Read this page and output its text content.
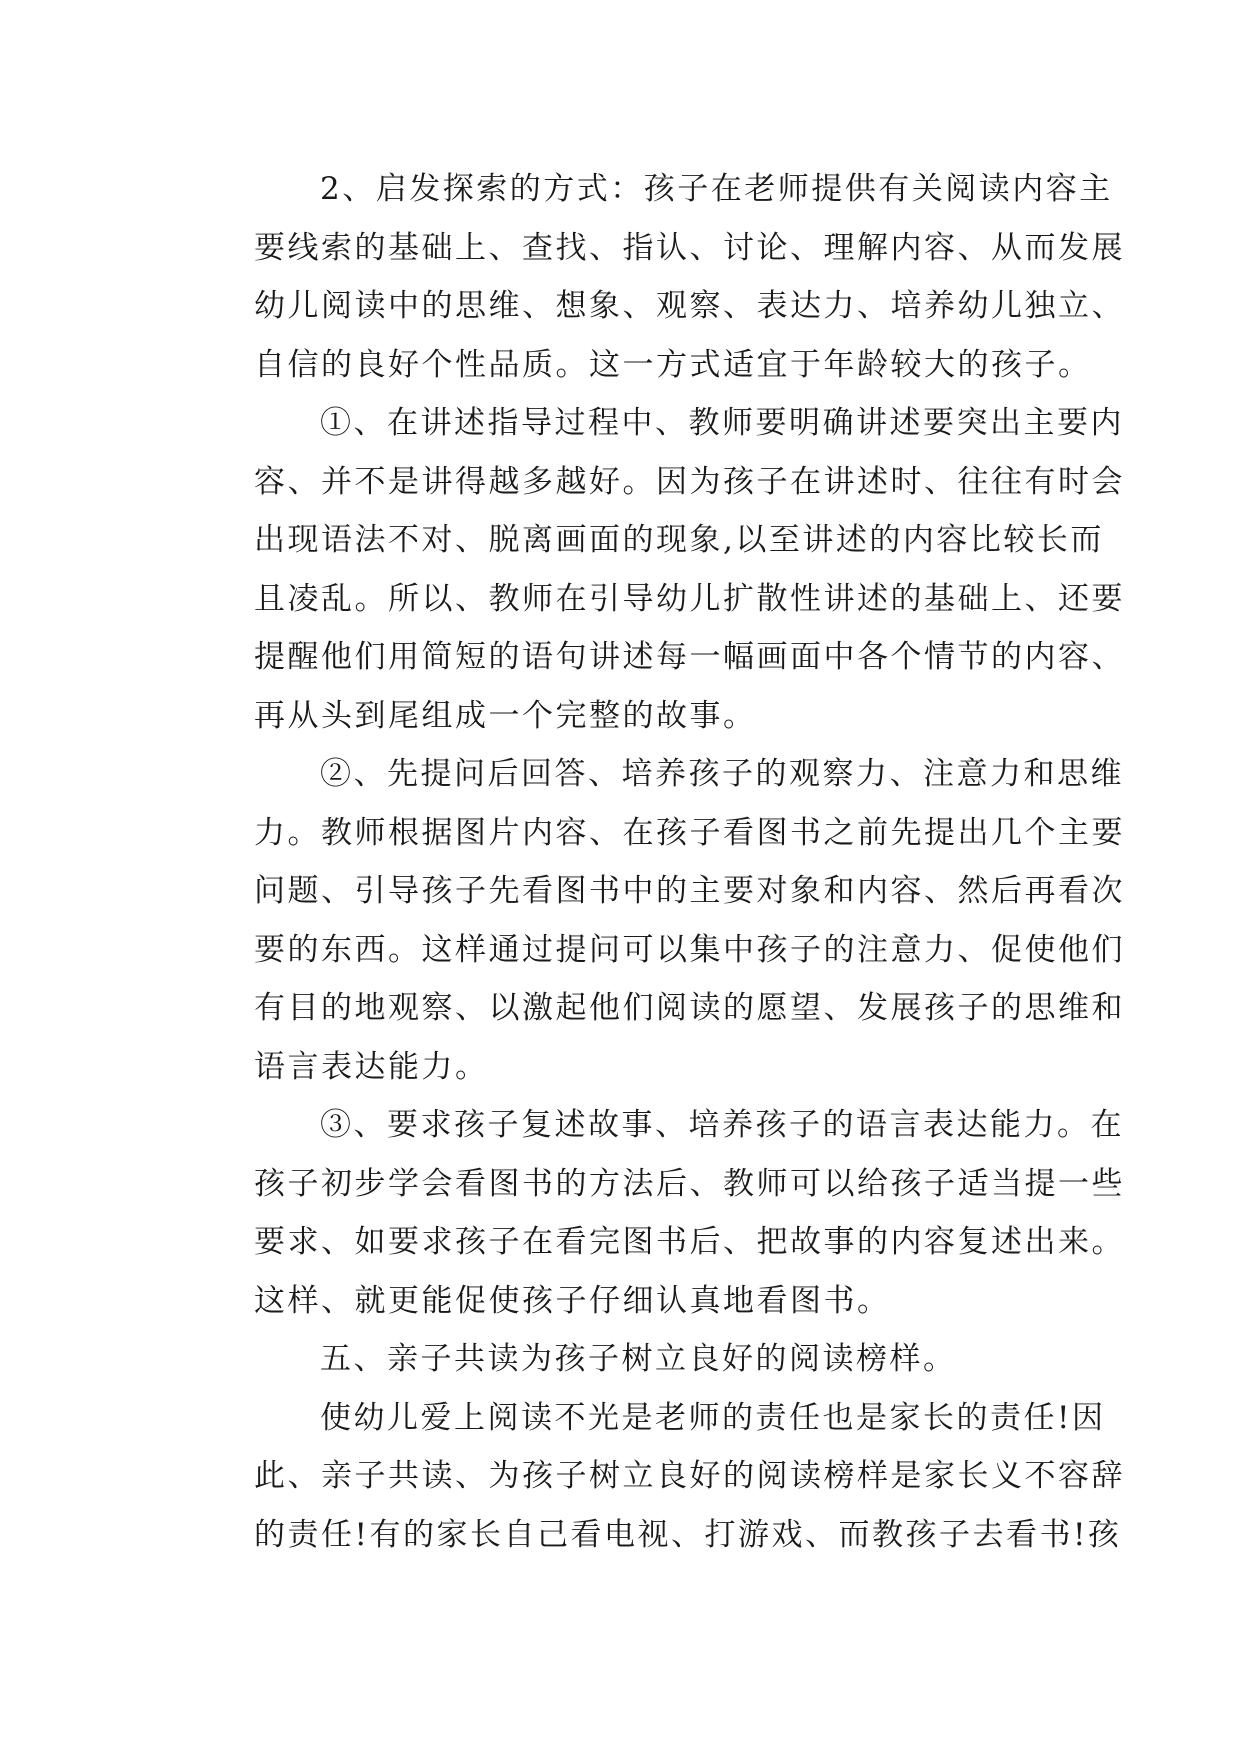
2、启发探索的方式：孩子在老师提供有关阅读内容主
要线索的基础上、查找、指认、讨论、理解内容、从而发展
幼儿阅读中的思维、想象、观察、表达力、培养幼儿独立、
自信的良好个性品质。这一方式适宜于年龄较大的孩子。
①、在讲述指导过程中、教师要明确讲述要突出主要内
容、并不是讲得越多越好。因为孩子在讲述时、往往有时会
出现语法不对、脱离画面的现象,以至讲述的内容比较长而
且凌乱。所以、教师在引导幼儿扩散性讲述的基础上、还要
提醒他们用简短的语句讲述每一幅画面中各个情节的内容、
再从头到尾组成一个完整的故事。
②、先提问后回答、培养孩子的观察力、注意力和思维
力。教师根据图片内容、在孩子看图书之前先提出几个主要
问题、引导孩子先看图书中的主要对象和内容、然后再看次
要的东西。这样通过提问可以集中孩子的注意力、促使他们
有目的地观察、以激起他们阅读的愿望、发展孩子的思维和
语言表达能力。
③、要求孩子复述故事、培养孩子的语言表达能力。在
孩子初步学会看图书的方法后、教师可以给孩子适当提一些
要求、如要求孩子在看完图书后、把故事的内容复述出来。
这样、就更能促使孩子仔细认真地看图书。
五、亲子共读为孩子树立良好的阅读榜样。
使幼儿爱上阅读不光是老师的责任也是家长的责任!因
此、亲子共读、为孩子树立良好的阅读榜样是家长义不容辞
的责任!有的家长自己看电视、打游戏、而教孩子去看书!孩
